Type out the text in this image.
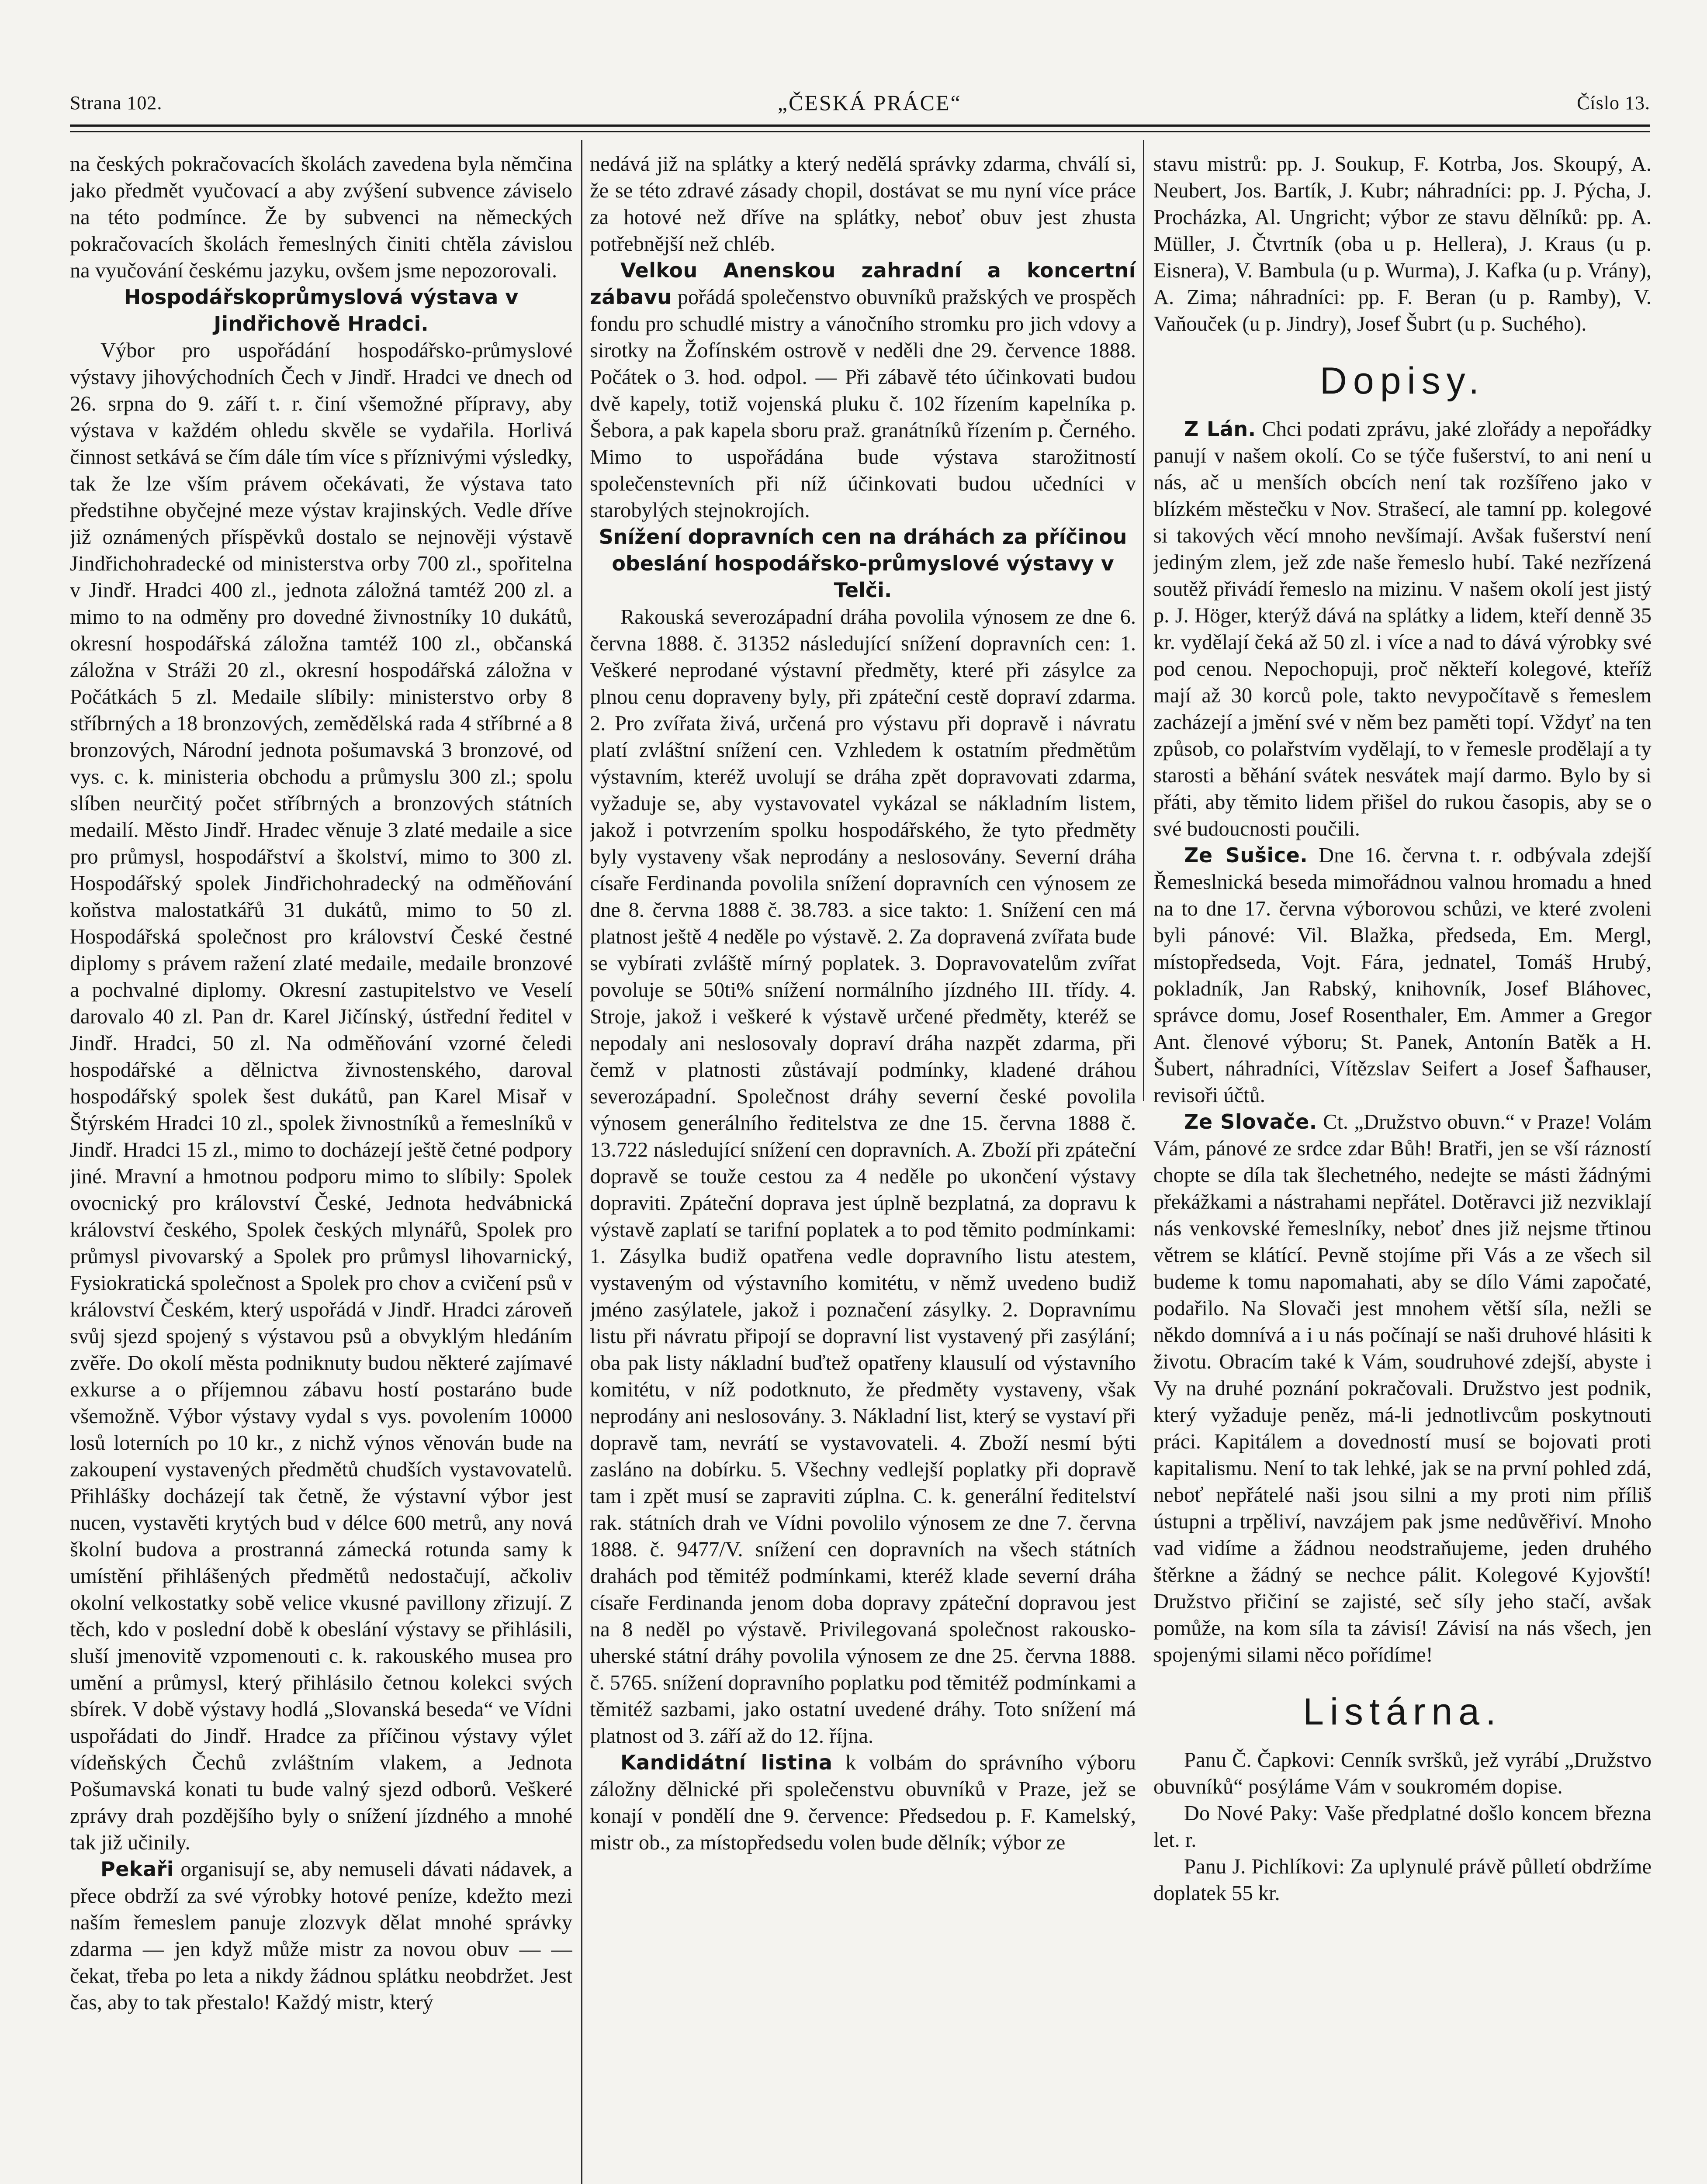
Strana 102.	„ČESKÁ PRÁCE“	Číslo 13.

na českých pokračovacích školách zavedena byla němčina jako předmět vyučovací a aby zvýšení subvence záviselo na této podmínce. Že by subvenci na německých pokračovacích školách řemeslných činiti chtěla závislou na vyučování českému jazyku, ovšem jsme nepozorovali.

Hospodářskoprůmyslová výstava v Jindřichově Hradci.

Výbor pro uspořádání hospodářsko-průmyslové výstavy jihovýchodních Čech v Jindř. Hradci ve dnech od 26. srpna do 9. září t. r. činí všemožné přípravy, aby výstava v každém ohledu skvěle se vydařila. Horlivá činnost setkává se čím dále tím více s příznivými výsledky, tak že lze vším právem očekávati, že výstava tato předstihne obyčejné meze výstav krajinských. Vedle dříve již oznámených příspěvků dostalo se nejnověji výstavě Jindřichohradecké od ministerstva orby 700 zl., spořitelna v Jindř. Hradci 400 zl., jednota záložná tamtéž 200 zl. a mimo to na odměny pro dovedné živnostníky 10 dukátů, okresní hospodářská záložna tamtéž 100 zl., občanská záložna v Stráži 20 zl., okresní hospodářská záložna v Počátkách 5 zl. Medaile slíbily: ministerstvo orby 8 stříbrných a 18 bronzových, zemědělská rada 4 stříbrné a 8 bronzových, Národní jednota pošumavská 3 bronzové, od vys. c. k. ministeria obchodu a průmyslu 300 zl.; spolu slíben neurčitý počet stříbrných a bronzových státních medailí. Město Jindř. Hradec věnuje 3 zlaté medaile a sice pro průmysl, hospodářství a školství, mimo to 300 zl. Hospodářský spolek Jindřichohradecký na odměňování koňstva malostatkářů 31 dukátů, mimo to 50 zl. Hospodářská společnost pro království České čestné diplomy s právem ražení zlaté medaile, medaile bronzové a pochvalné diplomy. Okresní zastupitelstvo ve Veselí darovalo 40 zl. Pan dr. Karel Jičínský, ústřední ředitel v Jindř. Hradci, 50 zl. Na odměňování vzorné čeledi hospodářské a dělnictva živnostenského, daroval hospodářský spolek šest dukátů, pan Karel Misař v Štýrském Hradci 10 zl., spolek živnostníků a řemeslníků v Jindř. Hradci 15 zl., mimo to docházejí ještě četné podpory jiné. Mravní a hmotnou podporu mimo to slíbily: Spolek ovocnický pro království České, Jednota hedvábnická království českého, Spolek českých mlynářů, Spolek pro průmysl pivovarský a Spolek pro průmysl lihovarnický, Fysiokratická společnost a Spolek pro chov a cvičení psů v království Českém, který uspořádá v Jindř. Hradci zároveň svůj sjezd spojený s výstavou psů a obvyklým hledáním zvěře. Do okolí města podniknuty budou některé zajímavé exkurse a o příjemnou zábavu hostí postaráno bude všemožně. Výbor výstavy vydal s vys. povolením 10000 losů loterních po 10 kr., z nichž výnos věnován bude na zakoupení vystavených předmětů chudších vystavovatelů. Přihlášky docházejí tak četně, že výstavní výbor jest nucen, vystavěti krytých bud v délce 600 metrů, any nová školní budova a prostranná zámecká rotunda samy k umístění přihlášených předmětů nedostačují, ačkoliv okolní velkostatky sobě velice vkusné pavillony zřizují. Z těch, kdo v poslední době k obeslání výstavy se přihlásili, sluší jmenovitě vzpomenouti c. k. rakouského musea pro umění a průmysl, který přihlásilo četnou kolekci svých sbírek. V době výstavy hodlá „Slovanská beseda“ ve Vídni uspořádati do Jindř. Hradce za příčinou výstavy výlet vídeňských Čechů zvláštním vlakem, a Jednota Pošumavská konati tu bude valný sjezd odborů. Veškeré zprávy drah pozdějšího byly o snížení jízdného a mnohé tak již učinily.

Pekaři organisují se, aby nemuseli dávati nádavek, a přece obdrží za své výrobky hotové peníze, kdežto mezi naším řemeslem panuje zlozvyk dělat mnohé správky zdarma — jen když může mistr za novou obuv — — čekat, třeba po leta a nikdy žádnou splátku neobdržet. Jest čas, aby to tak přestalo! Každý mistr, který

nedává již na splátky a který nedělá správky zdarma, chválí si, že se této zdravé zásady chopil, dostávat se mu nyní více práce za hotové než dříve na splátky, neboť obuv jest zhusta potřebnější než chléb.

Velkou Anenskou zahradní a koncertní zábavu pořádá společenstvo obuvníků pražských ve prospěch fondu pro schudlé mistry a vánočního stromku pro jich vdovy a sirotky na Žofínském ostrově v neděli dne 29. července 1888. Počátek o 3. hod. odpol. — Při zábavě této účinkovati budou dvě kapely, totiž vojenská pluku č. 102 řízením kapelníka p. Šebora, a pak kapela sboru praž. granátníků řízením p. Černého. Mimo to uspořádána bude výstava starožitností společenstevních při níž účinkovati budou učedníci v starobylých stejnokrojích.

Snížení dopravních cen na dráhách za příčinou obeslání hospodářsko-průmyslové výstavy v Telči.

Rakouská severozápadní dráha povolila výnosem ze dne 6. června 1888. č. 31352 následující snížení dopravních cen: 1. Veškeré neprodané výstavní předměty, které při zásylce za plnou cenu dopraveny byly, při zpáteční cestě dopraví zdarma. 2. Pro zvířata živá, určená pro výstavu při dopravě i návratu platí zvláštní snížení cen. Vzhledem k ostatním předmětům výstavním, kteréž uvolují se dráha zpět dopravovati zdarma, vyžaduje se, aby vystavovatel vykázal se nákladním listem, jakož i potvrzením spolku hospodářského, že tyto předměty byly vystaveny však neprodány a neslosovány. Severní dráha císaře Ferdinanda povolila snížení dopravních cen výnosem ze dne 8. června 1888 č. 38.783. a sice takto: 1. Snížení cen má platnost ještě 4 neděle po výstavě. 2. Za dopravená zvířata bude se vybírati zvláště mírný poplatek. 3. Dopravovatelům zvířat povoluje se 50ti% snížení normálního jízdného III. třídy. 4. Stroje, jakož i veškeré k výstavě určené předměty, kteréž se nepodaly ani neslosovaly dopraví dráha nazpět zdarma, při čemž v platnosti zůstávají podmínky, kladené dráhou severozápadní. Společnost dráhy severní české povolila výnosem generálního ředitelstva ze dne 15. června 1888 č. 13.722 následující snížení cen dopravních. A. Zboží při zpáteční dopravě se touže cestou za 4 neděle po ukončení výstavy dopraviti. Zpáteční doprava jest úplně bezplatná, za dopravu k výstavě zaplatí se tarifní poplatek a to pod těmito podmínkami: 1. Zásylka budiž opatřena vedle dopravního listu atestem, vystaveným od výstavního komitétu, v němž uvedeno budiž jméno zasýlatele, jakož i poznačení zásylky. 2. Dopravnímu listu při návratu připojí se dopravní list vystavený při zasýlání; oba pak listy nákladní buďtež opatřeny klausulí od výstavního komitétu, v níž podotknuto, že předměty vystaveny, však neprodány ani neslosovány. 3. Nákladní list, který se vystaví při dopravě tam, nevrátí se vystavovateli. 4. Zboží nesmí býti zasláno na dobírku. 5. Všechny vedlejší poplatky při dopravě tam i zpět musí se zapraviti zúplna. C. k. generální ředitelství rak. státních drah ve Vídni povolilo výnosem ze dne 7. června 1888. č. 9477/V. snížení cen dopravních na všech státních drahách pod těmitéž podmínkami, kteréž klade severní dráha císaře Ferdinanda jenom doba dopravy zpáteční dopravou jest na 8 neděl po výstavě. Privilegovaná společnost rakousko-uherské státní dráhy povolila výnosem ze dne 25. června 1888. č. 5765. snížení dopravního poplatku pod těmitéž podmínkami a těmitéž sazbami, jako ostatní uvedené dráhy. Toto snížení má platnost od 3. září až do 12. října.

Kandidátní listina k volbám do správního výboru záložny dělnické při společenstvu obuvníků v Praze, jež se konají v pondělí dne 9. července: Předsedou p. F. Kamelský, mistr ob., za místopředsedu volen bude dělník; výbor ze

stavu mistrů: pp. J. Soukup, F. Kotrba, Jos. Skoupý, A. Neubert, Jos. Bartík, J. Kubr; náhradníci: pp. J. Pýcha, J. Procházka, Al. Ungricht; výbor ze stavu dělníků: pp. A. Müller, J. Čtvrtník (oba u p. Hellera), J. Kraus (u p. Eisnera), V. Bambula (u p. Wurma), J. Kafka (u p. Vrány), A. Zima; náhradníci: pp. F. Beran (u p. Ramby), V. Vaňouček (u p. Jindry), Josef Šubrt (u p. Suchého).

Dopisy.

Z Lán. Chci podati zprávu, jaké zlořády a nepořádky panují v našem okolí. Co se týče fušerství, to ani není u nás, ač u menších obcích není tak rozšířeno jako v blízkém městečku v Nov. Strašecí, ale tamní pp. kolegové si takových věcí mnoho nevšímají. Avšak fušerství není jediným zlem, jež zde naše řemeslo hubí. Také nezřízená soutěž přivádí řemeslo na mizinu. V našem okolí jest jistý p. J. Höger, kterýž dává na splátky a lidem, kteří denně 35 kr. vydělají čeká až 50 zl. i více a nad to dává výrobky své pod cenou. Nepochopuji, proč někteří kolegové, kteříž mají až 30 korců pole, takto nevypočítavě s řemeslem zacházejí a jmění své v něm bez paměti topí. Vždyť na ten způsob, co polařstvím vydělají, to v řemesle prodělají a ty starosti a běhání svátek nesvátek mají darmo. Bylo by si přáti, aby těmito lidem přišel do rukou časopis, aby se o své budoucnosti poučili.

Ze Sušice. Dne 16. června t. r. odbývala zdejší Řemeslnická beseda mimořádnou valnou hromadu a hned na to dne 17. června výborovou schůzi, ve které zvoleni byli pánové: Vil. Blažka, předseda, Em. Mergl, místopředseda, Vojt. Fára, jednatel, Tomáš Hrubý, pokladník, Jan Rabský, knihovník, Josef Bláhovec, správce domu, Josef Rosenthaler, Em. Ammer a Gregor Ant. členové výboru; St. Panek, Antonín Batěk a H. Šubert, náhradníci, Vítězslav Seifert a Josef Šafhauser, revisoři účtů.

Ze Slovače. Ct. „Družstvo obuvn.“ v Praze! Volám Vám, pánové ze srdce zdar Bůh! Bratři, jen se vší rázností chopte se díla tak šlechetného, nedejte se másti žádnými překážkami a nástrahami nepřátel. Dotěravci již nezviklají nás venkovské řemeslníky, neboť dnes již nejsme třtinou větrem se klátící. Pevně stojíme při Vás a ze všech sil budeme k tomu napomahati, aby se dílo Vámi započaté, podařilo. Na Slovači jest mnohem větší síla, nežli se někdo domnívá a i u nás počínají se naši druhové hlásiti k životu. Obracím také k Vám, soudruhové zdejší, abyste i Vy na druhé poznání pokračovali. Družstvo jest podnik, který vyžaduje peněz, má-li jednotlivcům poskytnouti práci. Kapitálem a dovedností musí se bojovati proti kapitalismu. Není to tak lehké, jak se na první pohled zdá, neboť nepřátelé naši jsou silni a my proti nim příliš ústupni a trpěliví, navzájem pak jsme nedůvěřiví. Mnoho vad vidíme a žádnou neodstraňujeme, jeden druhého štěrkne a žádný se nechce pálit. Kolegové Kyjovští! Družstvo přičiní se zajisté, seč síly jeho stačí, avšak pomůže, na kom síla ta závisí! Závisí na nás všech, jen spojenými silami něco pořídíme!

Listárna.

Panu Č. Čapkovi: Cenník svršků, jež vyrábí „Družstvo obuvníků“ posýláme Vám v soukromém dopise.

Do Nové Paky: Vaše předplatné došlo koncem března let. r.

Panu J. Pichlíkovi: Za uplynulé právě půlletí obdržíme doplatek 55 kr.
